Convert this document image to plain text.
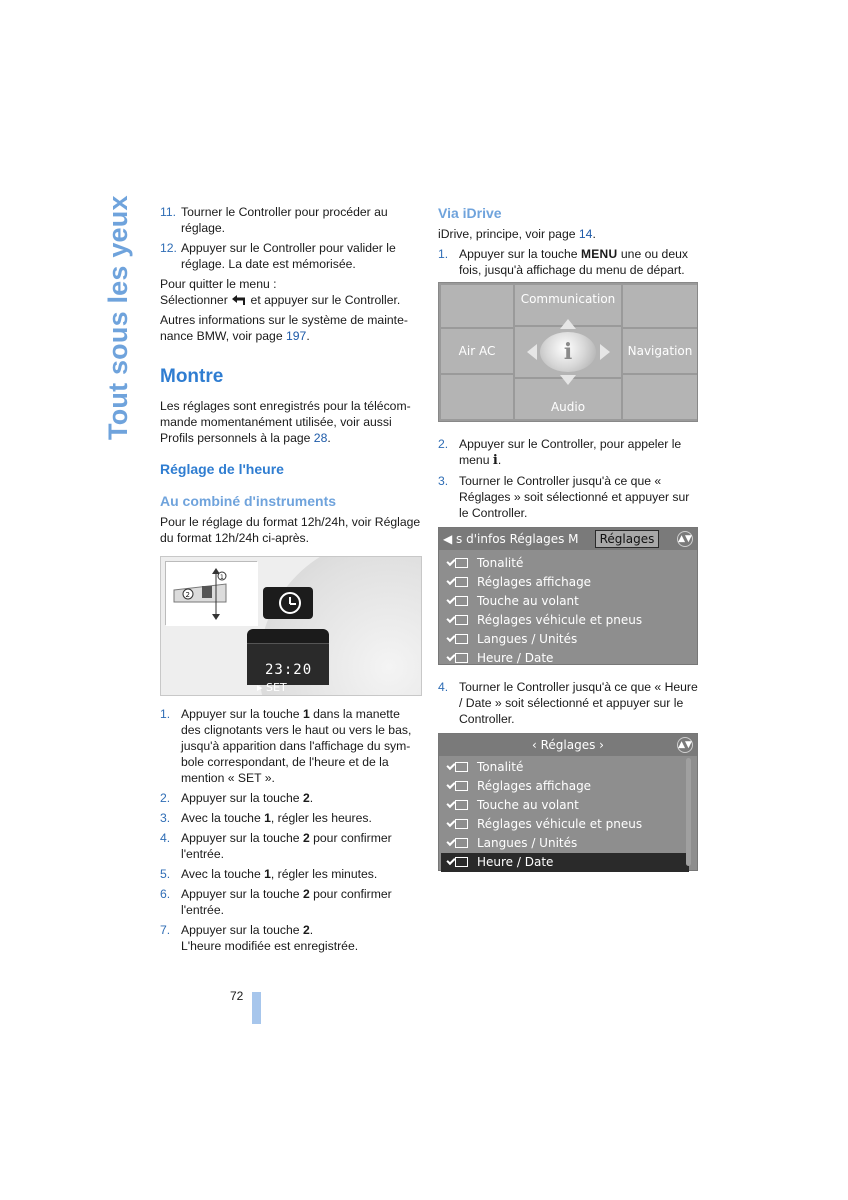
Tout sous les yeux 11. Tourner le Controller pour procéder au réglage.
12. Appuyer sur le Controller pour valider le réglage. La date est mémorisée.

Pour quitter le menu :
Sélectionner et appuyer sur le Controller.

Autres informations sur le système de mainte-nance BMW, voir page 197.

Montre

Les réglages sont enregistrés pour la télécom-mande momentanément utilisée, voir aussi Profils personnels à la page 28.

Réglage de l'heure
Au combiné d'instruments

Pour le réglage du format 12h/24h, voir Réglage du format 12h/24h ci-après.

2
1
23:20
▸ SET
1. Appuyer sur la touche 1 dans la manette des clignotants vers le haut ou vers le bas, jusqu'à apparition dans l'affichage du sym-bole correspondant, de l'heure et de la mention « SET ».
2. Appuyer sur la touche 2.
3. Avec la touche 1, régler les heures.
4. Appuyer sur la touche 2 pour confirmer l'entrée.
5. Avec la touche 1, régler les minutes.
6. Appuyer sur la touche 2 pour confirmer l'entrée.
7. Appuyer sur la touche 2.
L'heure modifiée est enregistrée.
Via iDrive

iDrive, principe, voir page 14.

1. Appuyer sur la touche MENU une ou deux fois, jusqu'à affichage du menu de départ.
Communication
Air AC	Navigation
Audio
i
2. Appuyer sur le Controller, pour appeler le menu i.
3. Tourner le Controller jusqu'à ce que « Réglages » soit sélectionné et appuyer sur le Controller.
◀ s d'infos Réglages M	Réglages	▲▼
Tonalité
Réglages affichage
Touche au volant
Réglages véhicule et pneus
Langues / Unités
Heure / Date
4. Tourner le Controller jusqu'à ce que « Heure / Date » soit sélectionné et appuyer sur le Controller.
‹ Réglages ›	▲▼
Tonalité
Réglages affichage
Touche au volant
Réglages véhicule et pneus
Langues / Unités
Heure / Date
72
